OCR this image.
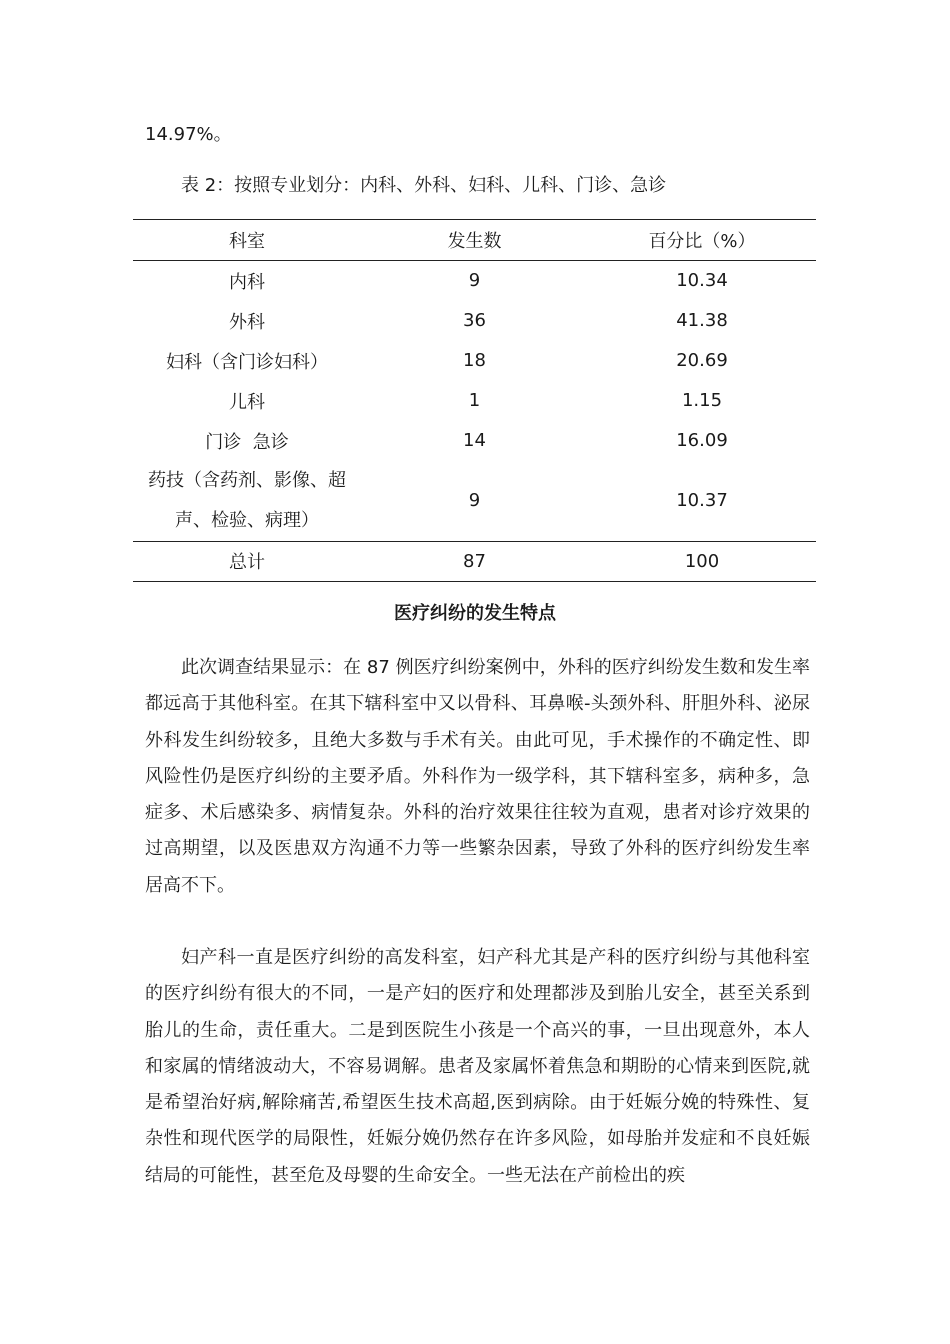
14.97%。
表 2：按照专业划分：内科、外科、妇科、儿科、门诊、急诊
科室	发生数	百分比（%）
内科	9	10.34
外科	36	41.38
妇科（含门诊妇科）	18	20.69
儿科	1	1.15
门诊  急诊	14	16.09

药技（含药剂、影像、超
声、检验、病理）	9	10.37
总计	87	100
医疗纠纷的发生特点

此次调查结果显示：在 87 例医疗纠纷案例中，外科的医疗纠纷发生数和发生率都远高于其他科室。在其下辖科室中又以骨科、耳鼻喉-头颈外科、肝胆外科、泌尿外科发生纠纷较多，且绝大多数与手术有关。由此可见，手术操作的不确定性、即风险性仍是医疗纠纷的主要矛盾。外科作为一级学科，其下辖科室多，病种多，急症多、术后感染多、病情复杂。外科的治疗效果往往较为直观，患者对诊疗效果的过高期望，以及医患双方沟通不力等一些繁杂因素，导致了外科的医疗纠纷发生率居高不下。

妇产科一直是医疗纠纷的高发科室，妇产科尤其是产科的医疗纠纷与其他科室的医疗纠纷有很大的不同，一是产妇的医疗和处理都涉及到胎儿安全，甚至关系到胎儿的生命，责任重大。二是到医院生小孩是一个高兴的事，一旦出现意外，本人和家属的情绪波动大，不容易调解。患者及家属怀着焦急和期盼的心情来到医院,就是希望治好病,解除痛苦,希望医生技术高超,医到病除。由于妊娠分娩的特殊性、复杂性和现代医学的局限性，妊娠分娩仍然存在许多风险，如母胎并发症和不良妊娠结局的可能性，甚至危及母婴的生命安全。一些无法在产前检出的疾
